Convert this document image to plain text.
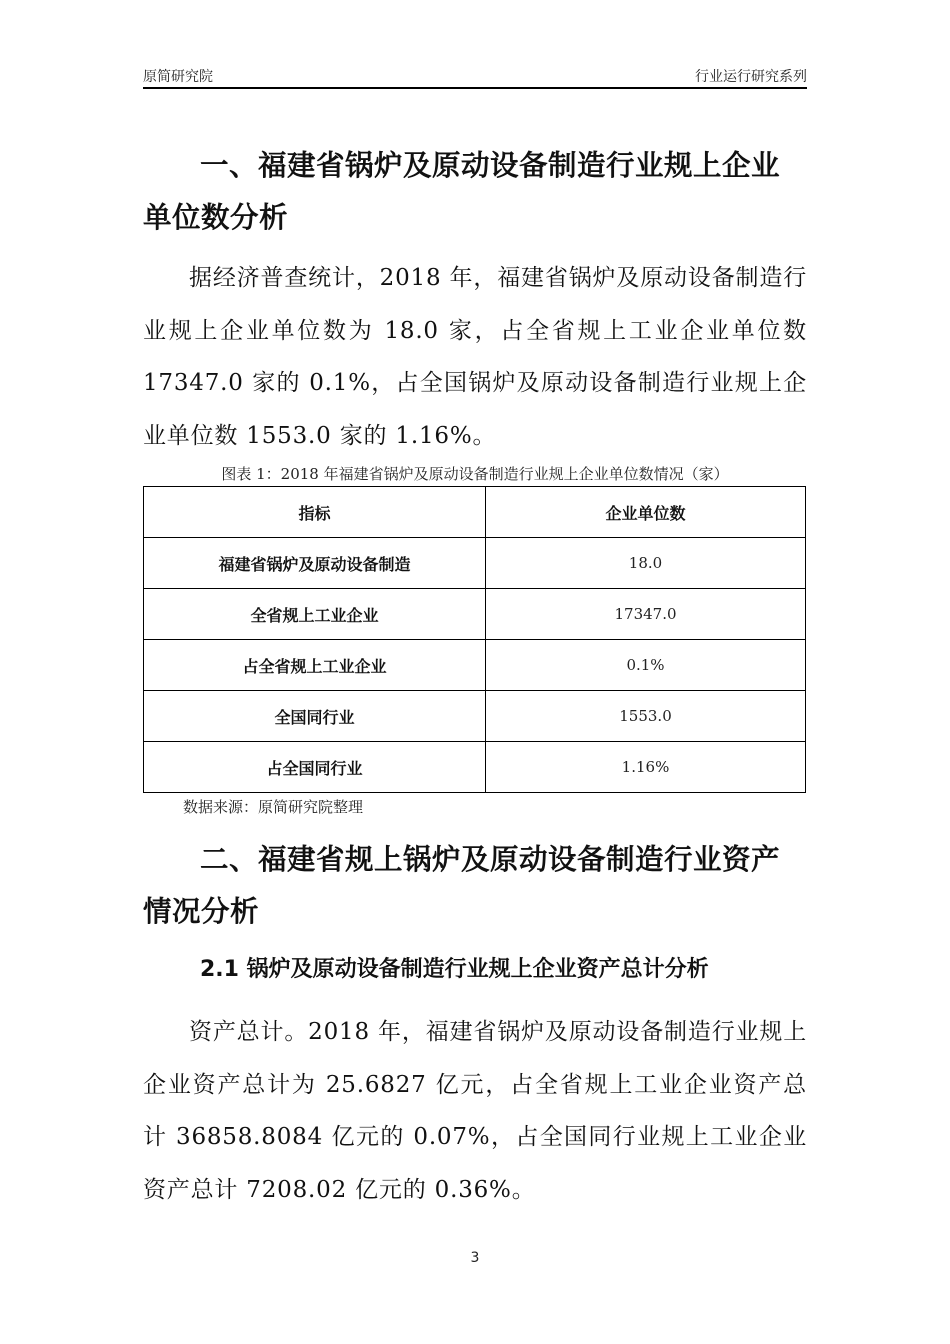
原简研究院	行业运行研究系列
一、福建省锅炉及原动设备制造行业规上企业单位数分析

据经济普查统计，2018 年，福建省锅炉及原动设备制造行业规上企业单位数为 18.0 家，占全省规上工业企业单位数 17347.0 家的 0.1%，占全国锅炉及原动设备制造行业规上企业单位数 1553.0 家的 1.16%。

图表 1：2018 年福建省锅炉及原动设备制造行业规上企业单位数情况（家）

指标	企业单位数
福建省锅炉及原动设备制造	18.0
全省规上工业企业	17347.0
占全省规上工业企业	0.1%
全国同行业	1553.0
占全国同行业	1.16%

数据来源：原简研究院整理

二、福建省规上锅炉及原动设备制造行业资产情况分析
2.1 锅炉及原动设备制造行业规上企业资产总计分析

资产总计。2018 年，福建省锅炉及原动设备制造行业规上企业资产总计为 25.6827 亿元，占全省规上工业企业资产总计 36858.8084 亿元的 0.07%，占全国同行业规上工业企业资产总计 7208.02 亿元的 0.36%。

3
